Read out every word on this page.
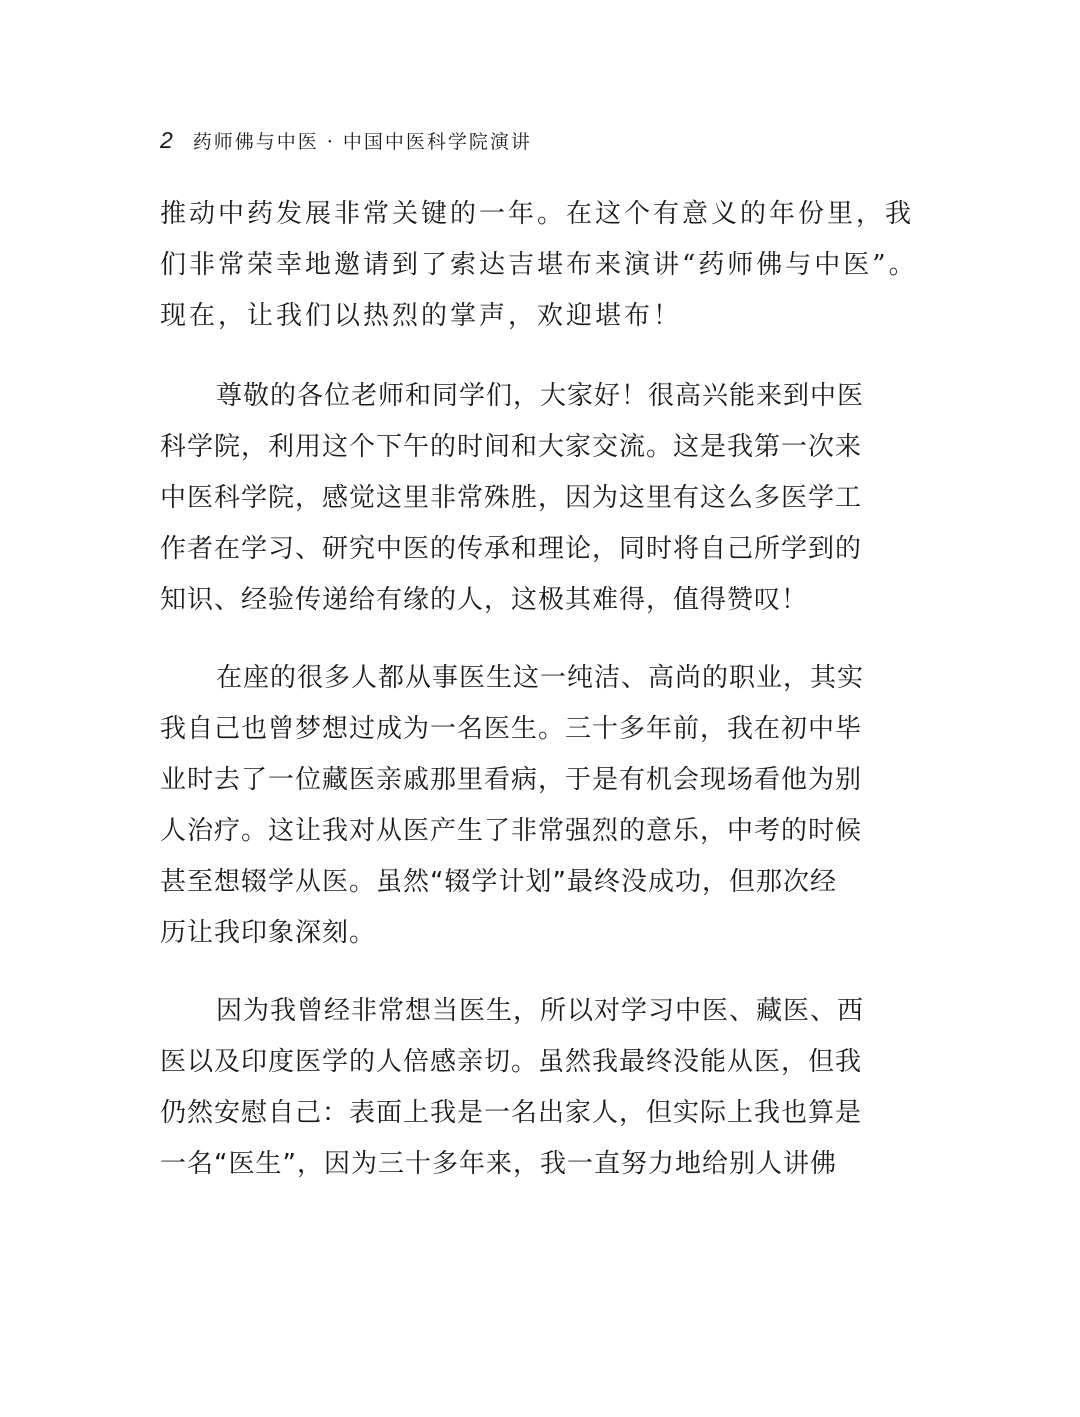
2 药师佛与中医 · 中国中医科学院演讲
推动中药发展非常关键的一年。在这个有意义的年份里，我
们非常荣幸地邀请到了索达吉堪布来演讲“药师佛与中医”。
现在，让我们以热烈的掌声，欢迎堪布！
尊敬的各位老师和同学们，大家好！很高兴能来到中医
科学院，利用这个下午的时间和大家交流。这是我第一次来
中医科学院，感觉这里非常殊胜，因为这里有这么多医学工
作者在学习、研究中医的传承和理论，同时将自己所学到的
知识、经验传递给有缘的人，这极其难得，值得赞叹！
在座的很多人都从事医生这一纯洁、高尚的职业，其实
我自己也曾梦想过成为一名医生。三十多年前，我在初中毕
业时去了一位藏医亲戚那里看病，于是有机会现场看他为别
人治疗。这让我对从医产生了非常强烈的意乐，中考的时候
甚至想辍学从医。虽然“辍学计划”最终没成功，但那次经
历让我印象深刻。
因为我曾经非常想当医生，所以对学习中医、藏医、西
医以及印度医学的人倍感亲切。虽然我最终没能从医，但我
仍然安慰自己：表面上我是一名出家人，但实际上我也算是
一名“医生”，因为三十多年来，我一直努力地给别人讲佛
